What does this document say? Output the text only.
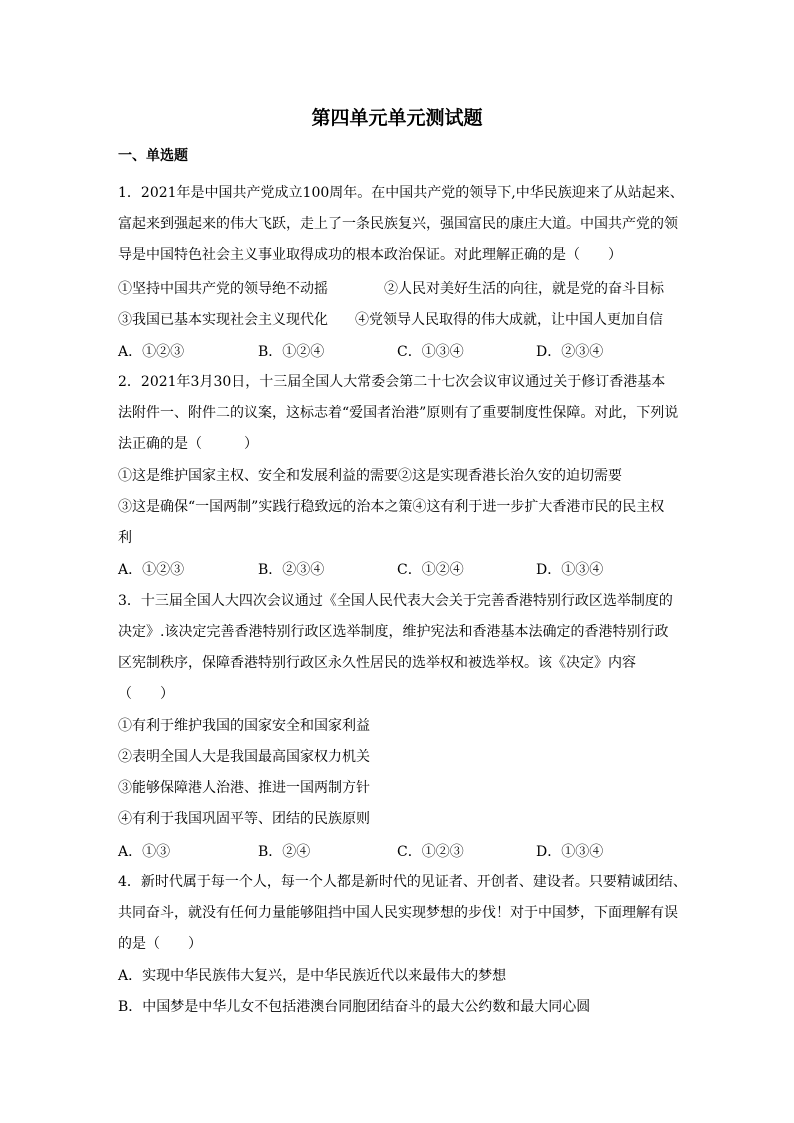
第四单元单元测试题
一、单选题
1．2021年是中国共产党成立100周年。在中国共产党的领导下,中华民族迎来了从站起来、
富起来到强起来的伟大飞跃，走上了一条民族复兴，强国富民的康庄大道。中国共产党的领
导是中国特色社会主义事业取得成功的根本政治保证。对此理解正确的是（　　）
①坚持中国共产党的领导绝不动摇	②人民对美好生活的向往，就是党的奋斗目标
③我国已基本实现社会主义现代化 ④党领导人民取得的伟大成就，让中国人更加自信
A．①②③	B．①②④	C．①③④	D．②③④
2．2021年3月30日，十三届全国人大常委会第二十七次会议审议通过关于修订香港基本
法附件一、附件二的议案，这标志着“爱国者治港”原则有了重要制度性保障。对此，下列说
法正确的是（　　　）
①这是维护国家主权、安全和发展利益的需要②这是实现香港长治久安的迫切需要
③这是确保“一国两制”实践行稳致远的治本之策④这有利于进一步扩大香港市民的民主权
利
A．①②③	B．②③④	C．①②④	D．①③④
3．十三届全国人大四次会议通过《全国人民代表大会关于完善香港特别行政区选举制度的
决定》.该决定完善香港特别行政区选举制度，维护宪法和香港基本法确定的香港特别行政
区宪制秩序，保障香港特别行政区永久性居民的选举权和被选举权。该《决定》内容
（　　）
①有利于维护我国的国家安全和国家利益
②表明全国人大是我国最高国家权力机关
③能够保障港人治港、推进一国两制方针
④有利于我国巩固平等、团结的民族原则
A．①③	B．②④	C．①②③	D．①③④
4．新时代属于每一个人，每一个人都是新时代的见证者、开创者、建设者。只要精诚团结、
共同奋斗，就没有任何力量能够阻挡中国人民实现梦想的步伐！对于中国梦，下面理解有误
的是（　　）
A．实现中华民族伟大复兴，是中华民族近代以来最伟大的梦想
B．中国梦是中华儿女不包括港澳台同胞团结奋斗的最大公约数和最大同心圆
